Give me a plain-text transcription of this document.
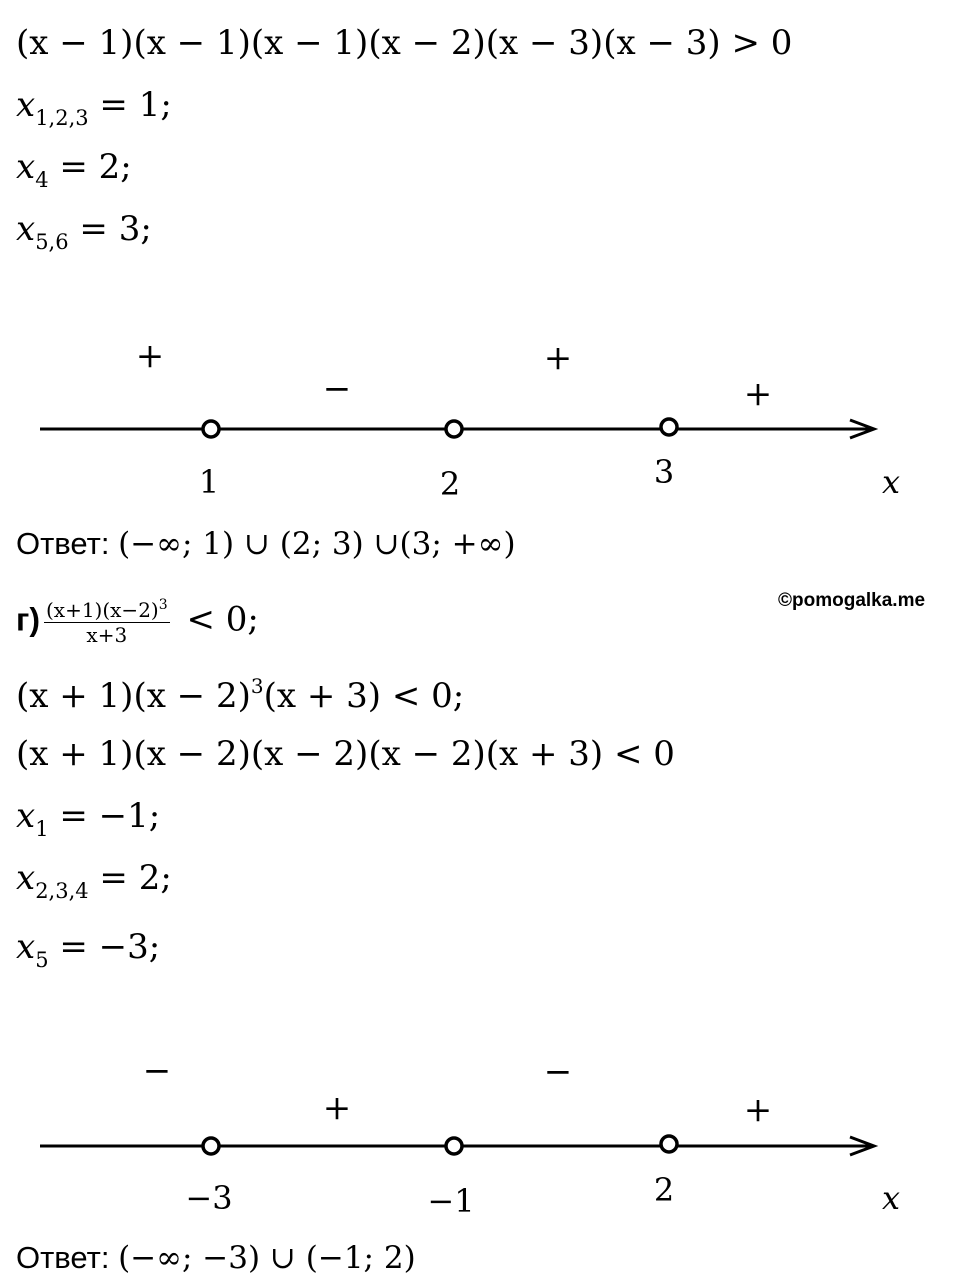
(x − 1)(x − 1)(x − 1)(x − 2)(x − 3)(x − 3) > 0
$x_{1,2,3} = 1$;
$x_4 = 2$;
$x_{5,6} = 3$;
+
−
+
+
1	2	3	x
Ответ: (−∞; 1) ∪ (2; 3) ∪(3; +∞)
©pomogalka.me
$г) \frac{(x+1)(x-2)^3}{x+3} < 0$;
$(x + 1)(x - 2)^3(x + 3) < 0$;
(x + 1)(x − 2)(x − 2)(x − 2)(x + 3) < 0
$x_1 = -1$;
$x_{2,3,4} = 2$;
$x_5 = -3$;
−
+
−
+
−3	−1	2	x
Ответ: (−∞; −3) ∪ (−1; 2)
